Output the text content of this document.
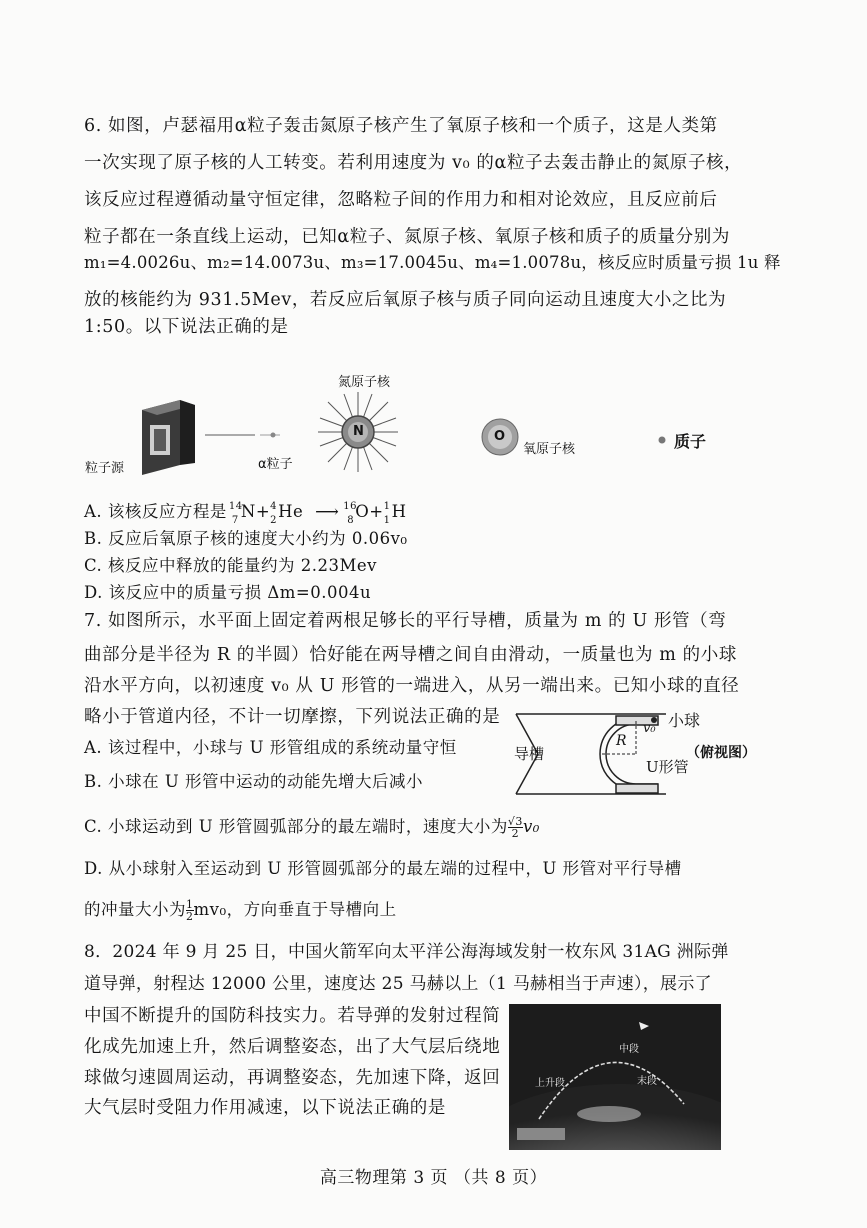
6. 如图，卢瑟福用α粒子轰击氮原子核产生了氧原子核和一个质子，这是人类第
一次实现了原子核的人工转变。若利用速度为 v₀ 的α粒子去轰击静止的氮原子核，
该反应过程遵循动量守恒定律，忽略粒子间的作用力和相对论效应，且反应前后
粒子都在一条直线上运动，已知α粒子、氮原子核、氧原子核和质子的质量分别为
m₁=4.0026u、m₂=14.0073u、m₃=17.0045u、m₄=1.0078u，核反应时质量亏损 1u 释
放的核能约为 931.5Mev，若反应后氧原子核与质子同向运动且速度大小之比为
1:50。以下说法正确的是
N	O
粒子源	α粒子
氮原子核
氧原子核	质子
A. 该核反应方程是 14
7 N+ 4
2 He ⟶ 16
8 O+ 1
1 H
B. 反应后氧原子核的速度大小约为 0.06v₀
C. 核反应中释放的能量约为 2.23Mev
D. 该反应中的质量亏损 Δm=0.004u
7. 如图所示，水平面上固定着两根足够长的平行导槽，质量为 m 的 U 形管（弯
曲部分是半径为 R 的半圆）恰好能在两导槽之间自由滑动，一质量也为 m 的小球
沿水平方向，以初速度 v₀ 从 U 形管的一端进入，从另一端出来。已知小球的直径
略小于管道内径，不计一切摩擦，下列说法正确的是
导槽
R
v₀ 小球
U形管
（俯视图）
A. 该过程中，小球与 U 形管组成的系统动量守恒
B. 小球在 U 形管中运动的动能先增大后减小
C. 小球运动到 U 形管圆弧部分的最左端时，速度大小为 $\frac{√3}{2} v_0$
D. 从小球射入至运动到 U 形管圆弧部分的最左端的过程中，U 形管对平行导槽
的冲量大小为 $\frac{1}{2} mv_0$，方向垂直于导槽向上
8．2024 年 9 月 25 日，中国火箭军向太平洋公海海域发射一枚东风 31AG 洲际弹
道导弹，射程达 12000 公里，速度达 25 马赫以上（1 马赫相当于声速），展示了
中国不断提升的国防科技实力。若导弹的发射过程简
化成先加速上升，然后调整姿态，出了大气层后绕地
球做匀速圆周运动，再调整姿态，先加速下降，返回
大气层时受阻力作用减速，以下说法正确的是
中段
上升段	末段
高三物理第 3 页 （共 8 页）
